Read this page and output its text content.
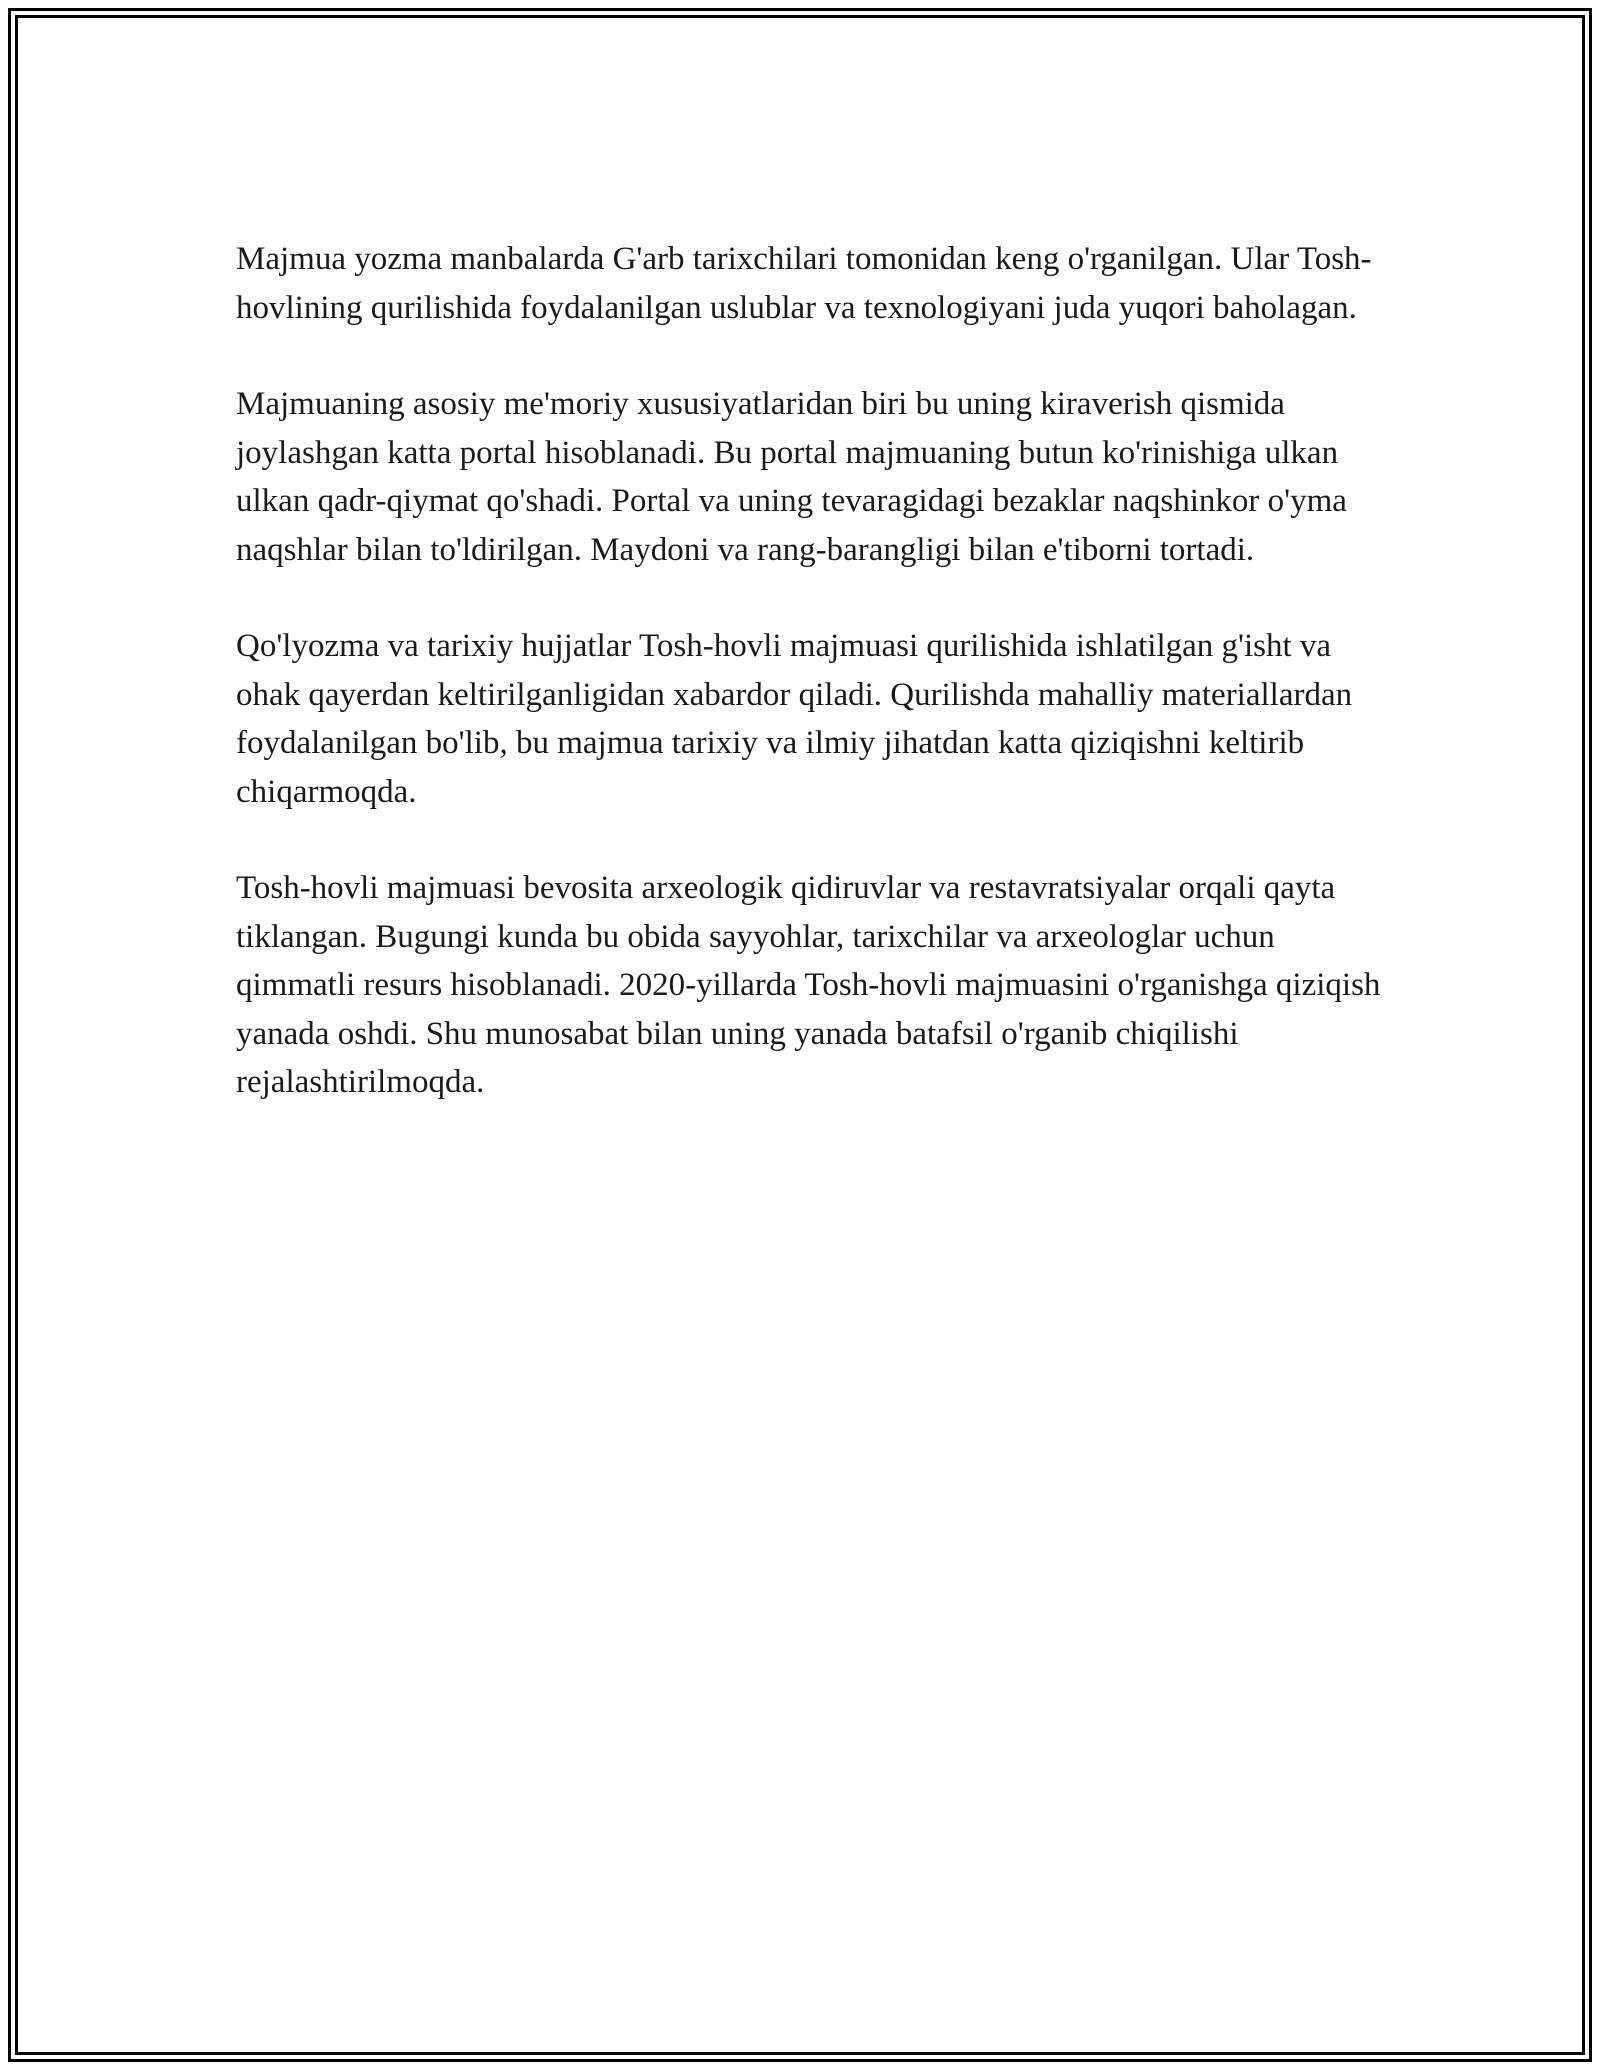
Majmua yozma manbalarda G'arb tarixchilari tomonidan keng o'rganilgan. Ular Tosh-hovlining qurilishida foydalanilgan uslublar va texnologiyani juda yuqori baholagan.

Majmuaning asosiy me'moriy xususiyatlaridan biri bu uning kiraverish qismida joylashgan katta portal hisoblanadi. Bu portal majmuaning butun ko'rinishiga ulkan ulkan qadr-qiymat qo'shadi. Portal va uning tevaragidagi bezaklar naqshinkor o'yma naqshlar bilan to'ldirilgan. Maydoni va rang-barangligi bilan e'tiborni tortadi.

Qo'lyozma va tarixiy hujjatlar Tosh-hovli majmuasi qurilishida ishlatilgan g'isht va ohak qayerdan keltirilganligidan xabardor qiladi. Qurilishda mahalliy materiallardan foydalanilgan bo'lib, bu majmua tarixiy va ilmiy jihatdan katta qiziqishni keltirib chiqarmoqda.

Tosh-hovli majmuasi bevosita arxeologik qidiruvlar va restavratsiyalar orqali qayta tiklangan. Bugungi kunda bu obida sayyohlar, tarixchilar va arxeologlar uchun qimmatli resurs hisoblanadi. 2020-yillarda Tosh-hovli majmuasini o'rganishga qiziqish yanada oshdi. Shu munosabat bilan uning yanada batafsil o'rganib chiqilishi rejalashtirilmoqda.
